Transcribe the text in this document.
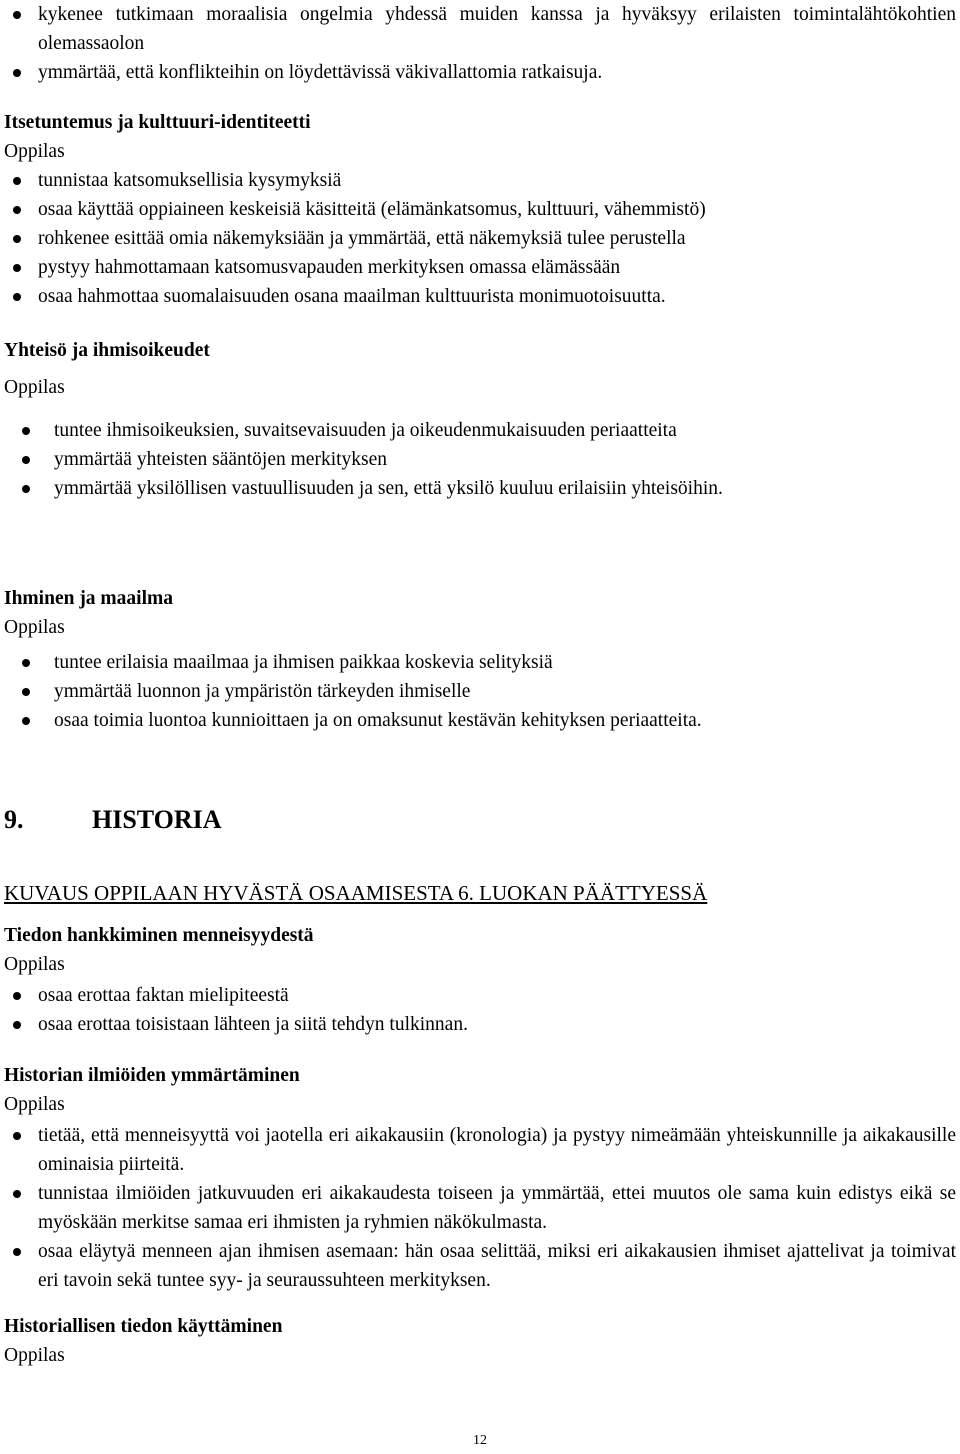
kykenee tutkimaan moraalisia ongelmia yhdessä muiden kanssa ja hyväksyy erilaisten toimintalähtökohtien olemassaolon
ymmärtää, että konflikteihin on löydettävissä väkivallattomia ratkaisuja.
Itsetuntemus ja kulttuuri-identiteetti
Oppilas
tunnistaa katsomuksellisia kysymyksiä
osaa käyttää oppiaineen keskeisiä käsitteitä (elämänkatsomus, kulttuuri, vähemmistö)
rohkenee esittää omia näkemyksiään ja ymmärtää, että näkemyksiä tulee perustella
pystyy hahmottamaan katsomusvapauden merkityksen omassa elämässään
osaa hahmottaa suomalaisuuden osana maailman kulttuurista monimuotoisuutta.
Yhteisö ja ihmisoikeudet
Oppilas
tuntee ihmisoikeuksien, suvaitsevaisuuden ja oikeudenmukaisuuden periaatteita
ymmärtää yhteisten sääntöjen merkityksen
ymmärtää yksilöllisen vastuullisuuden ja sen, että yksilö kuuluu erilaisiin yhteisöihin.
Ihminen ja maailma
Oppilas
tuntee erilaisia maailmaa ja ihmisen paikkaa koskevia selityksiä
ymmärtää luonnon ja ympäristön tärkeyden ihmiselle
osaa toimia luontoa kunnioittaen ja on omaksunut kestävän kehityksen periaatteita.
9.	HISTORIA
KUVAUS OPPILAAN HYVÄSTÄ OSAAMISESTA 6. LUOKAN PÄÄTTYESSÄ
Tiedon hankkiminen menneisyydestä
Oppilas
osaa erottaa faktan mielipiteestä
osaa erottaa toisistaan lähteen ja siitä tehdyn tulkinnan.
Historian ilmiöiden ymmärtäminen
Oppilas
tietää, että menneisyyttä voi jaotella eri aikakausiin (kronologia) ja pystyy nimeämään yhteiskunnille ja aikakausille ominaisia piirteitä.
tunnistaa ilmiöiden jatkuvuuden eri aikakaudesta toiseen ja ymmärtää, ettei muutos ole sama kuin edistys eikä se myöskään merkitse samaa eri ihmisten ja ryhmien näkökulmasta.
osaa eläytyä menneen ajan ihmisen asemaan: hän osaa selittää, miksi eri aikakausien ihmiset ajattelivat ja toimivat eri tavoin sekä tuntee syy- ja seuraussuhteen merkityksen.
Historiallisen tiedon käyttäminen
Oppilas
12
